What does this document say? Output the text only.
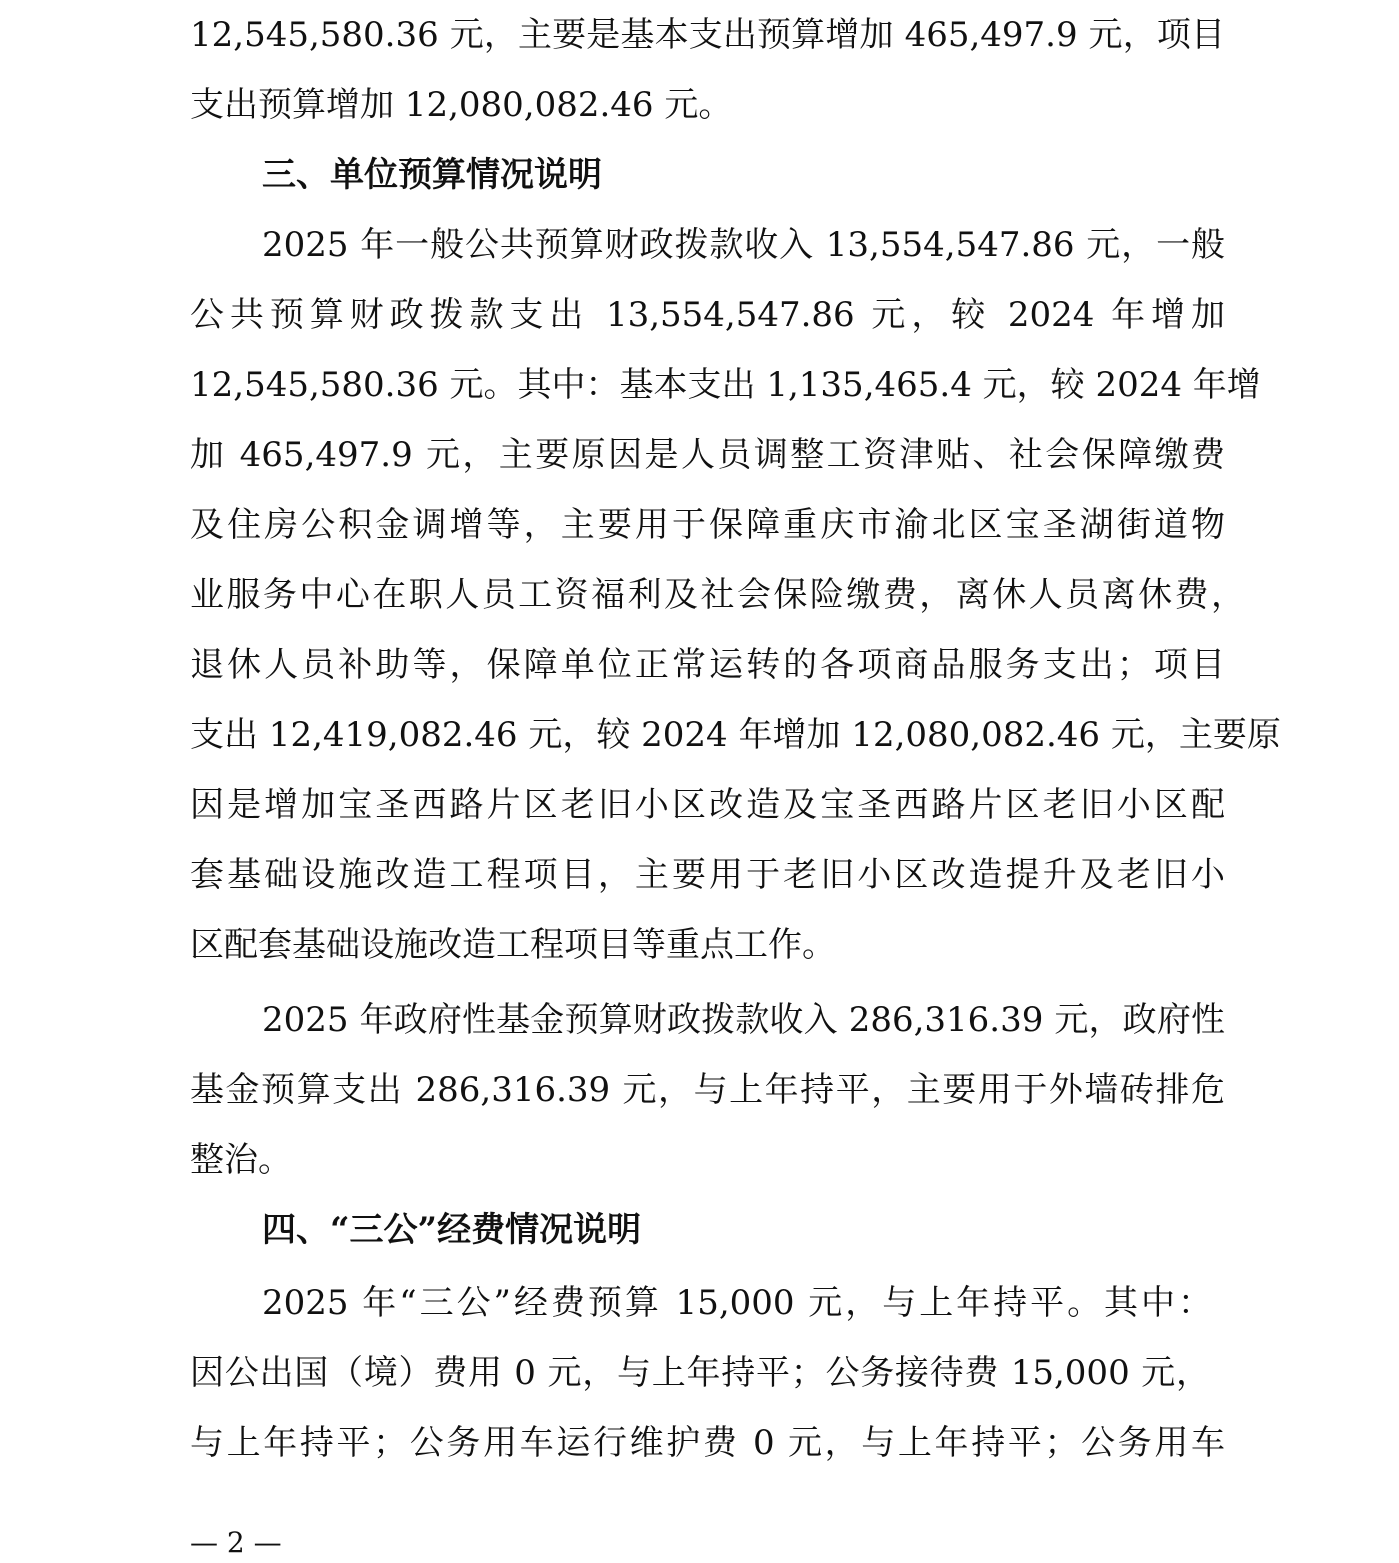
12,545,580.36 元，主要是基本支出预算增加 465,497.9 元，项目
支出预算增加 12,080,082.46 元。
三、单位预算情况说明
2025 年一般公共预算财政拨款收入 13,554,547.86 元，一般
公共预算财政拨款支出 13,554,547.86 元，较 2024 年增加
12,545,580.36 元。其中：基本支出 1,135,465.4 元，较 2024 年增
加 465,497.9 元，主要原因是人员调整工资津贴、社会保障缴费
及住房公积金调增等，主要用于保障重庆市渝北区宝圣湖街道物
业服务中心在职人员工资福利及社会保险缴费，离休人员离休费，
退休人员补助等，保障单位正常运转的各项商品服务支出；项目
支出 12,419,082.46 元，较 2024 年增加 12,080,082.46 元，主要原
因是增加宝圣西路片区老旧小区改造及宝圣西路片区老旧小区配
套基础设施改造工程项目，主要用于老旧小区改造提升及老旧小
区配套基础设施改造工程项目等重点工作。
2025 年政府性基金预算财政拨款收入 286,316.39 元，政府性
基金预算支出 286,316.39 元，与上年持平，主要用于外墙砖排危
整治。
四、“三公”经费情况说明
2025 年“三公”经费预算 15,000 元，与上年持平。其中：
因公出国（境）费用 0 元，与上年持平；公务接待费 15,000 元，
与上年持平；公务用车运行维护费 0 元，与上年持平；公务用车
— 2 —
